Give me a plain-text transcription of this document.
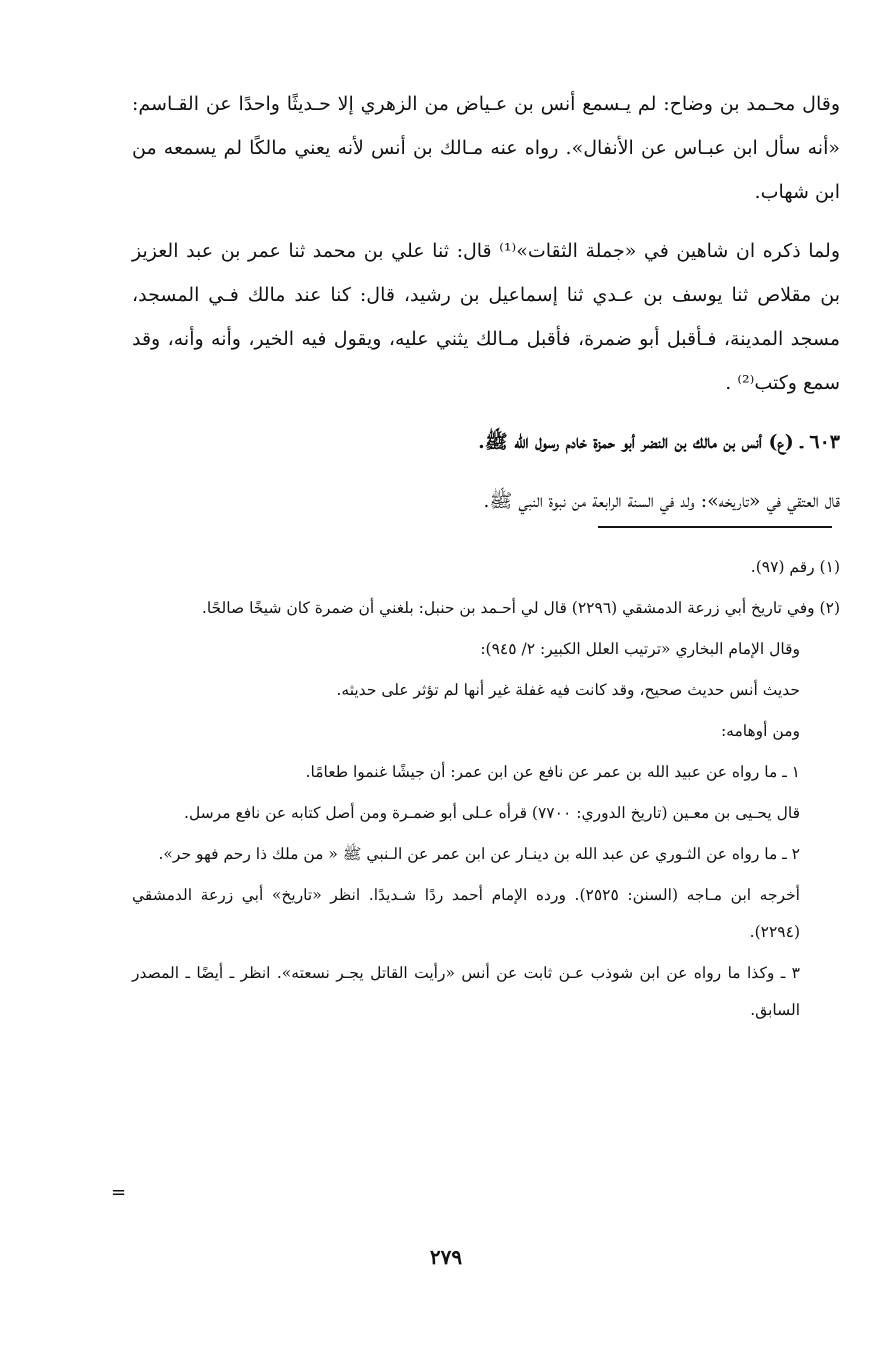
وقال محـمد بن وضاح: لم يـسمع أنس بن عـياض من الزهري إلا حـديثًا واحدًا عن القـاسم: «أنه سأل ابن عبـاس عن الأنفال». رواه عنه مـالك بن أنس لأنه يعني مالكًا لم يسمعه من ابن شهاب.

ولما ذكره ان شاهين في «جملة الثقات»⁽¹⁾ قال: ثنا علي بن محمد ثنا عمر بن عبد العزيز بن مقلاص ثنا يوسف بن عـدي ثنا إسماعيل بن رشيد، قال: كنا عند مالك فـي المسجد، مسجد المدينة، فـأقبل أبو ضمرة، فأقبل مـالك يثني عليه، ويقول فيه الخير، وأنه وأنه، وقد سمع وكتب⁽²⁾ .

٦٠٣ ـ (ع) أنس بن مالك بن النضر أبو حمزة خادم رسول الله ﷺ.

قال العتقي في «تاريخه»: ولد في السنة الرابعة من نبوة النبي ﷺ.

(١) رقم (٩٧).
(٢) وفي تاريخ أبي زرعة الدمشقي (٢٢٩٦) قال لي أحـمد بن حنبل: بلغني أن ضمرة كان شيخًا صالحًا.
وقال الإمام البخاري «ترتيب العلل الكبير: ٢/ ٩٤٥):
حديث أنس حديث صحيح، وقد كانت فيه غفلة غير أنها لم تؤثر على حديثه.
ومن أوهامه:
١ ـ ما رواه عن عبيد الله بن عمر عن نافع عن ابن عمر: أن جيشًا غنموا طعامًا.
قال يحـيى بن معـين (تاريخ الدوري: ٧٧٠٠) قرأه عـلى أبو ضمـرة ومن أصل كتابه عن نافع مرسل.
٢ ـ ما رواه عن الثـوري عن عبد الله بن دينـار عن ابن عمر عن الـنبي ﷺ « من ملك ذا رحم فهو حر».
أخرجه ابن مـاجه (السنن: ٢٥٢٥). ورده الإمام أحمد ردًا شـديدًا. انظر «تاريخ» أبي زرعة الدمشقي (٢٢٩٤).
٣ ـ وكذا ما رواه عن ابن شوذب عـن ثابت عن أنس «رأيت القاتل يجـر نسعته». انظر ـ أيضًا ـ المصدر السابق.
=
٢٧٩
